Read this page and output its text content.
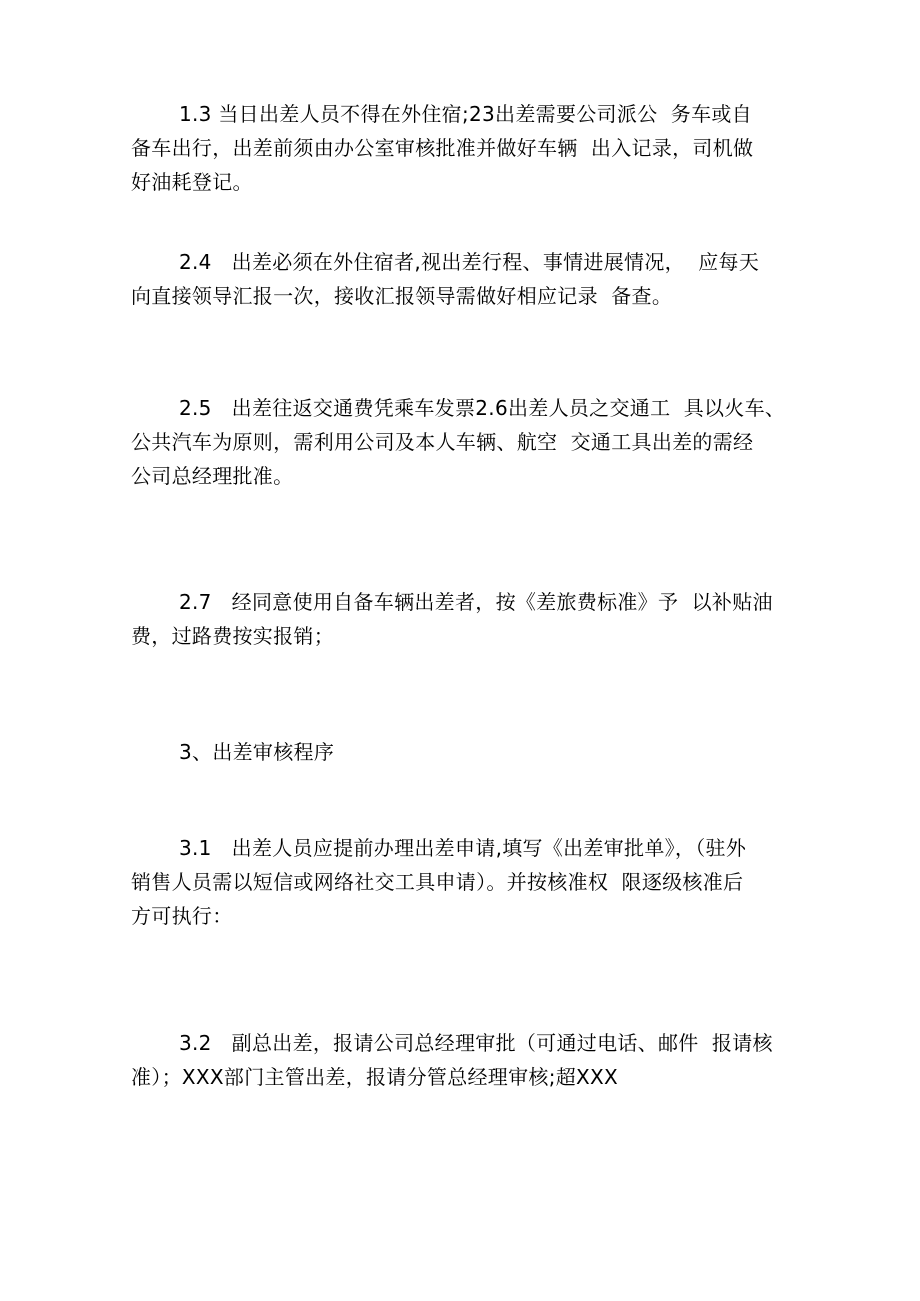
1.3 当日出差人员不得在外住宿;23出差需要公司派公  务车或自
备车出行，出差前须由办公室审核批准并做好车辆  出入记录，司机做
好油耗登记。
2.4   出差必须在外住宿者,视出差行程、事情进展情况，  应每天
向直接领导汇报一次，接收汇报领导需做好相应记录  备查。
2.5   出差往返交通费凭乘车发票2.6出差人员之交通工  具以火车、
公共汽车为原则，需利用公司及本人车辆、航空  交通工具出差的需经
公司总经理批准。
2.7   经同意使用自备车辆出差者，按《差旅费标准》予  以补贴油
费，过路费按实报销；
3、出差审核程序
3.1   出差人员应提前办理出差申请,填写《出差审批单》，（驻外
销售人员需以短信或网络社交工具申请）。并按核准权  限逐级核准后
方可执行：
3.2   副总出差，报请公司总经理审批（可通过电话、邮件  报请核
准）；XXX部门主管出差，报请分管总经理审核;超XXX
